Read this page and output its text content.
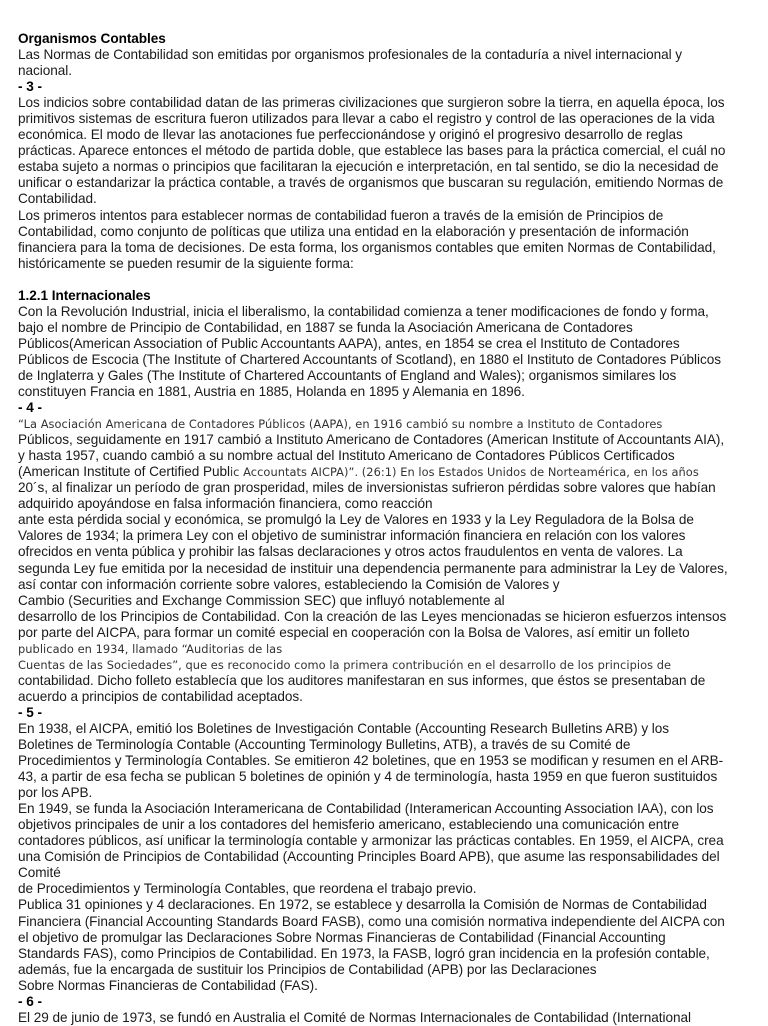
Organismos Contables
Las Normas de Contabilidad son emitidas por organismos profesionales de la contaduría a nivel internacional y
nacional.
- 3 -
Los indicios sobre contabilidad datan de las primeras civilizaciones que surgieron sobre la tierra, en aquella época, los
primitivos sistemas de escritura fueron utilizados para llevar a cabo el registro y control de las operaciones de la vida
económica. El modo de llevar las anotaciones fue perfeccionándose y originó el progresivo desarrollo de reglas
prácticas. Aparece entonces el método de partida doble, que establece las bases para la práctica comercial, el cuál no
estaba sujeto a normas o principios que facilitaran la ejecución e interpretación, en tal sentido, se dio la necesidad de
unificar o estandarizar la práctica contable, a través de organismos que buscaran su regulación, emitiendo Normas de
Contabilidad.
Los primeros intentos para establecer normas de contabilidad fueron a través de la emisión de Principios de
Contabilidad, como conjunto de políticas que utiliza una entidad en la elaboración y presentación de información
financiera para la toma de decisiones. De esta forma, los organismos contables que emiten Normas de Contabilidad,
históricamente se pueden resumir de la siguiente forma:
1.2.1 Internacionales
Con la Revolución Industrial, inicia el liberalismo, la contabilidad comienza a tener modificaciones de fondo y forma,
bajo el nombre de Principio de Contabilidad, en 1887 se funda la Asociación Americana de Contadores
Públicos(American Association of Public Accountants AAPA), antes, en 1854 se crea el Instituto de Contadores
Públicos de Escocia (The Institute of Chartered Accountants of Scotland), en 1880 el Instituto de Contadores Públicos
de Inglaterra y Gales (The Institute of Chartered Accountants of England and Wales); organismos similares los
constituyen Francia en 1881, Austria en 1885, Holanda en 1895 y Alemania en 1896.
- 4 -
“La Asociación Americana de Contadores Públicos (AAPA), en 1916 cambió su nombre a Instituto de Contadores
Públicos, seguidamente en 1917 cambió a Instituto Americano de Contadores (American Institute of Accountants AIA),
y hasta 1957, cuando cambió a su nombre actual del Instituto Americano de Contadores Públicos Certificados
(American Institute of Certified Public Accountats AICPA)”. (26:1) En los Estados Unidos de Norteamérica, en los años
20´s, al finalizar un período de gran prosperidad, miles de inversionistas sufrieron pérdidas sobre valores que habían
adquirido apoyándose en falsa información financiera, como reacción
ante esta pérdida social y económica, se promulgó la Ley de Valores en 1933 y la Ley Reguladora de la Bolsa de
Valores de 1934; la primera Ley con el objetivo de suministrar información financiera en relación con los valores
ofrecidos en venta pública y prohibir las falsas declaraciones y otros actos fraudulentos en venta de valores. La
segunda Ley fue emitida por la necesidad de instituir una dependencia permanente para administrar la Ley de Valores,
así contar con información corriente sobre valores, estableciendo la Comisión de Valores y
Cambio (Securities and Exchange Commission SEC) que influyó notablemente al
desarrollo de los Principios de Contabilidad. Con la creación de las Leyes mencionadas se hicieron esfuerzos intensos
por parte del AICPA, para formar un comité especial en cooperación con la Bolsa de Valores, así emitir un folleto
publicado en 1934, llamado “Auditorias de las
Cuentas de las Sociedades”, que es reconocido como la primera contribución en el desarrollo de los principios de
contabilidad. Dicho folleto establecía que los auditores manifestaran en sus informes, que éstos se presentaban de
acuerdo a principios de contabilidad aceptados.
- 5 -
En 1938, el AICPA, emitió los Boletines de Investigación Contable (Accounting Research Bulletins ARB) y los
Boletines de Terminología Contable (Accounting Terminology Bulletins, ATB), a través de su Comité de
Procedimientos y Terminología Contables. Se emitieron 42 boletines, que en 1953 se modifican y resumen en el ARB-
43, a partir de esa fecha se publican 5 boletines de opinión y 4 de terminología, hasta 1959 en que fueron sustituidos
por los APB.
En 1949, se funda la Asociación Interamericana de Contabilidad (Interamerican Accounting Association IAA), con los
objetivos principales de unir a los contadores del hemisferio americano, estableciendo una comunicación entre
contadores públicos, así unificar la terminología contable y armonizar las prácticas contables. En 1959, el AICPA, crea
una Comisión de Principios de Contabilidad (Accounting Principles Board APB), que asume las responsabilidades del
Comité
de Procedimientos y Terminología Contables, que reordena el trabajo previo.
Publica 31 opiniones y 4 declaraciones. En 1972, se establece y desarrolla la Comisión de Normas de Contabilidad
Financiera (Financial Accounting Standards Board FASB), como una comisión normativa independiente del AICPA con
el objetivo de promulgar las Declaraciones Sobre Normas Financieras de Contabilidad (Financial Accounting
Standards FAS), como Principios de Contabilidad. En 1973, la FASB, logró gran incidencia en la profesión contable,
además, fue la encargada de sustituir los Principios de Contabilidad (APB) por las Declaraciones
Sobre Normas Financieras de Contabilidad (FAS).
- 6 -
El 29 de junio de 1973, se fundó en Australia el Comité de Normas Internacionales de Contabilidad (International
